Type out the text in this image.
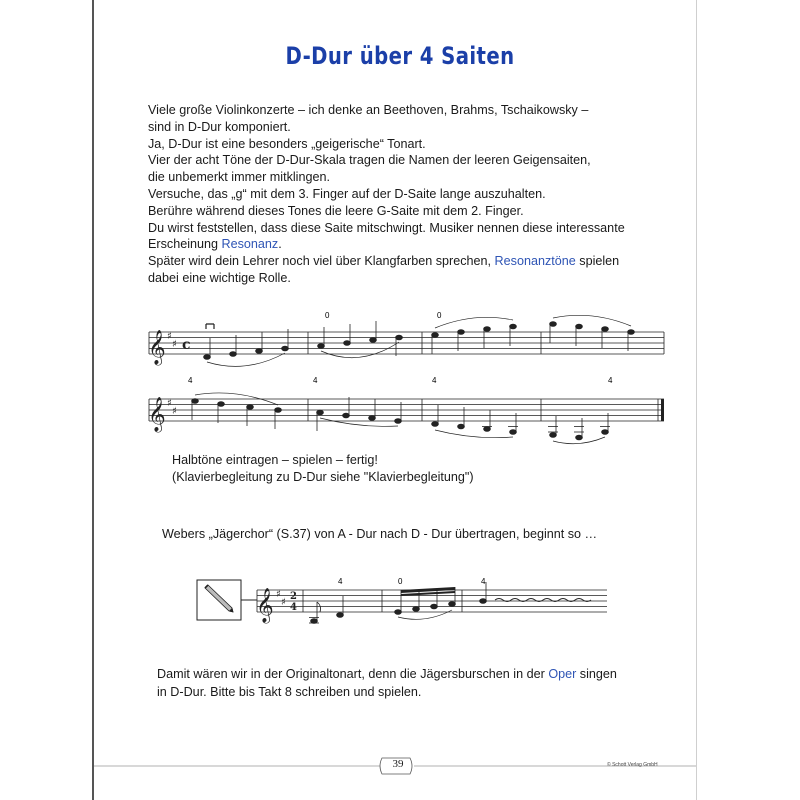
D-Dur über 4 Saiten
Viele große Violinkonzerte – ich denke an Beethoven, Brahms, Tschaikowsky –
sind in D-Dur komponiert.
Ja, D-Dur ist eine besonders „geigerische“ Tonart.
Vier der acht Töne der D-Dur-Skala tragen die Namen der leeren Geigensaiten,
die unbemerkt immer mitklingen.
Versuche, das „g“ mit dem 3. Finger auf der D-Saite lange auszuhalten.
Berühre während dieses Tones die leere G-Saite mit dem 2. Finger.
Du wirst feststellen, dass diese Saite mitschwingt. Musiker nennen diese interessante
Erscheinung Resonanz.
Später wird dein Lehrer noch viel über Klangfarben sprechen, Resonanztöne spielen
dabei eine wichtige Rolle.
𝄞 ♯
♯ c
0	0
𝄞 ♯
♯
4	4	4	4
𝄞 ♯
♯
2
4
4	0	4
Halbtöne eintragen – spielen – fertig!
(Klavierbegleitung zu D-Dur siehe "Klavierbegleitung")
Webers „Jägerchor“ (S.37) von A - Dur nach D - Dur übertragen, beginnt so …
Damit wären wir in der Originaltonart, denn die Jägersburschen in der Oper singen
in D-Dur. Bitte bis Takt 8 schreiben und spielen.
39	© Schott Verlag GmbH
